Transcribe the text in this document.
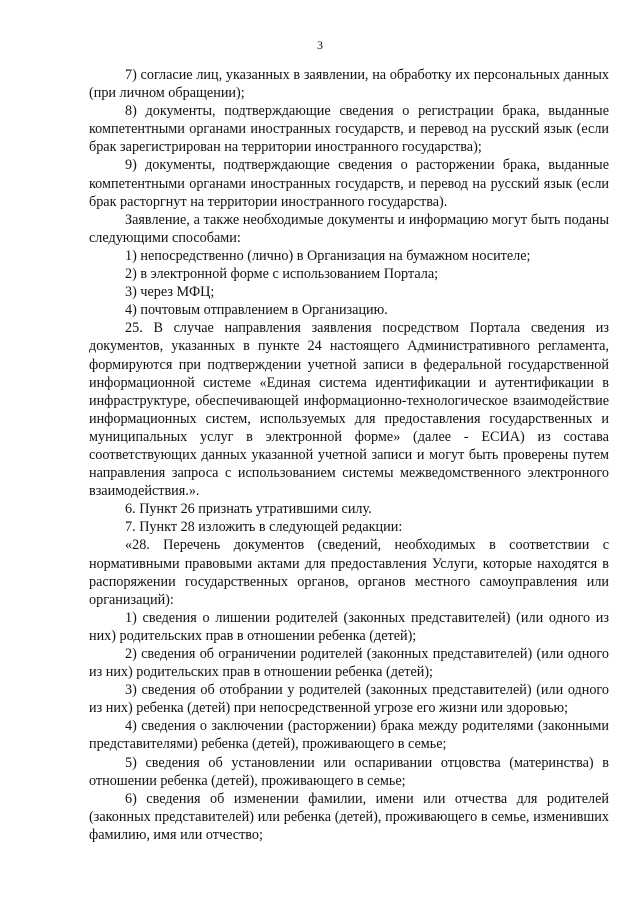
3

7) согласие лиц, указанных в заявлении, на обработку их персональных данных (при личном обращении);

8) документы, подтверждающие сведения о регистрации брака, выданные компетентными органами иностранных государств, и перевод на русский язык (если брак зарегистрирован на территории иностранного государства);

9) документы, подтверждающие сведения о расторжении брака, выданные компетентными органами иностранных государств, и перевод на русский язык (если брак расторгнут на территории иностранного государства).

Заявление, а также необходимые документы и информацию могут быть поданы следующими способами:

1) непосредственно (лично) в Организация на бумажном носителе;

2) в электронной форме с использованием Портала;

3) через МФЦ;

4) почтовым отправлением в Организацию.

25. В случае направления заявления посредством Портала сведения из документов, указанных в пункте 24 настоящего Административного регламента, формируются при подтверждении учетной записи в федеральной государственной информационной системе «Единая система идентификации и аутентификации в инфраструктуре, обеспечивающей информационно-технологическое взаимодействие информационных систем, используемых для предоставления государственных и муниципальных услуг в электронной форме» (далее - ЕСИА) из состава соответствующих данных указанной учетной записи и могут быть проверены путем направления запроса с использованием системы межведомственного электронного взаимодействия.».

6. Пункт 26 признать утратившими силу.

7. Пункт 28 изложить в следующей редакции:

«28. Перечень документов (сведений, необходимых в соответствии с нормативными правовыми актами для предоставления Услуги, которые находятся в распоряжении государственных органов, органов местного самоуправления или организаций):

1) сведения о лишении родителей (законных представителей) (или одного из них) родительских прав в отношении ребенка (детей);

2) сведения об ограничении родителей (законных представителей) (или одного из них) родительских прав в отношении ребенка (детей);

3) сведения об отобрании у родителей (законных представителей) (или одного из них) ребенка (детей) при непосредственной угрозе его жизни или здоровью;

4) сведения о заключении (расторжении) брака между родителями (законными представителями) ребенка (детей), проживающего в семье;

5) сведения об установлении или оспаривании отцовства (материнства) в отношении ребенка (детей), проживающего в семье;

6) сведения об изменении фамилии, имени или отчества для родителей (законных представителей) или ребенка (детей), проживающего в семье, изменивших фамилию, имя или отчество;
